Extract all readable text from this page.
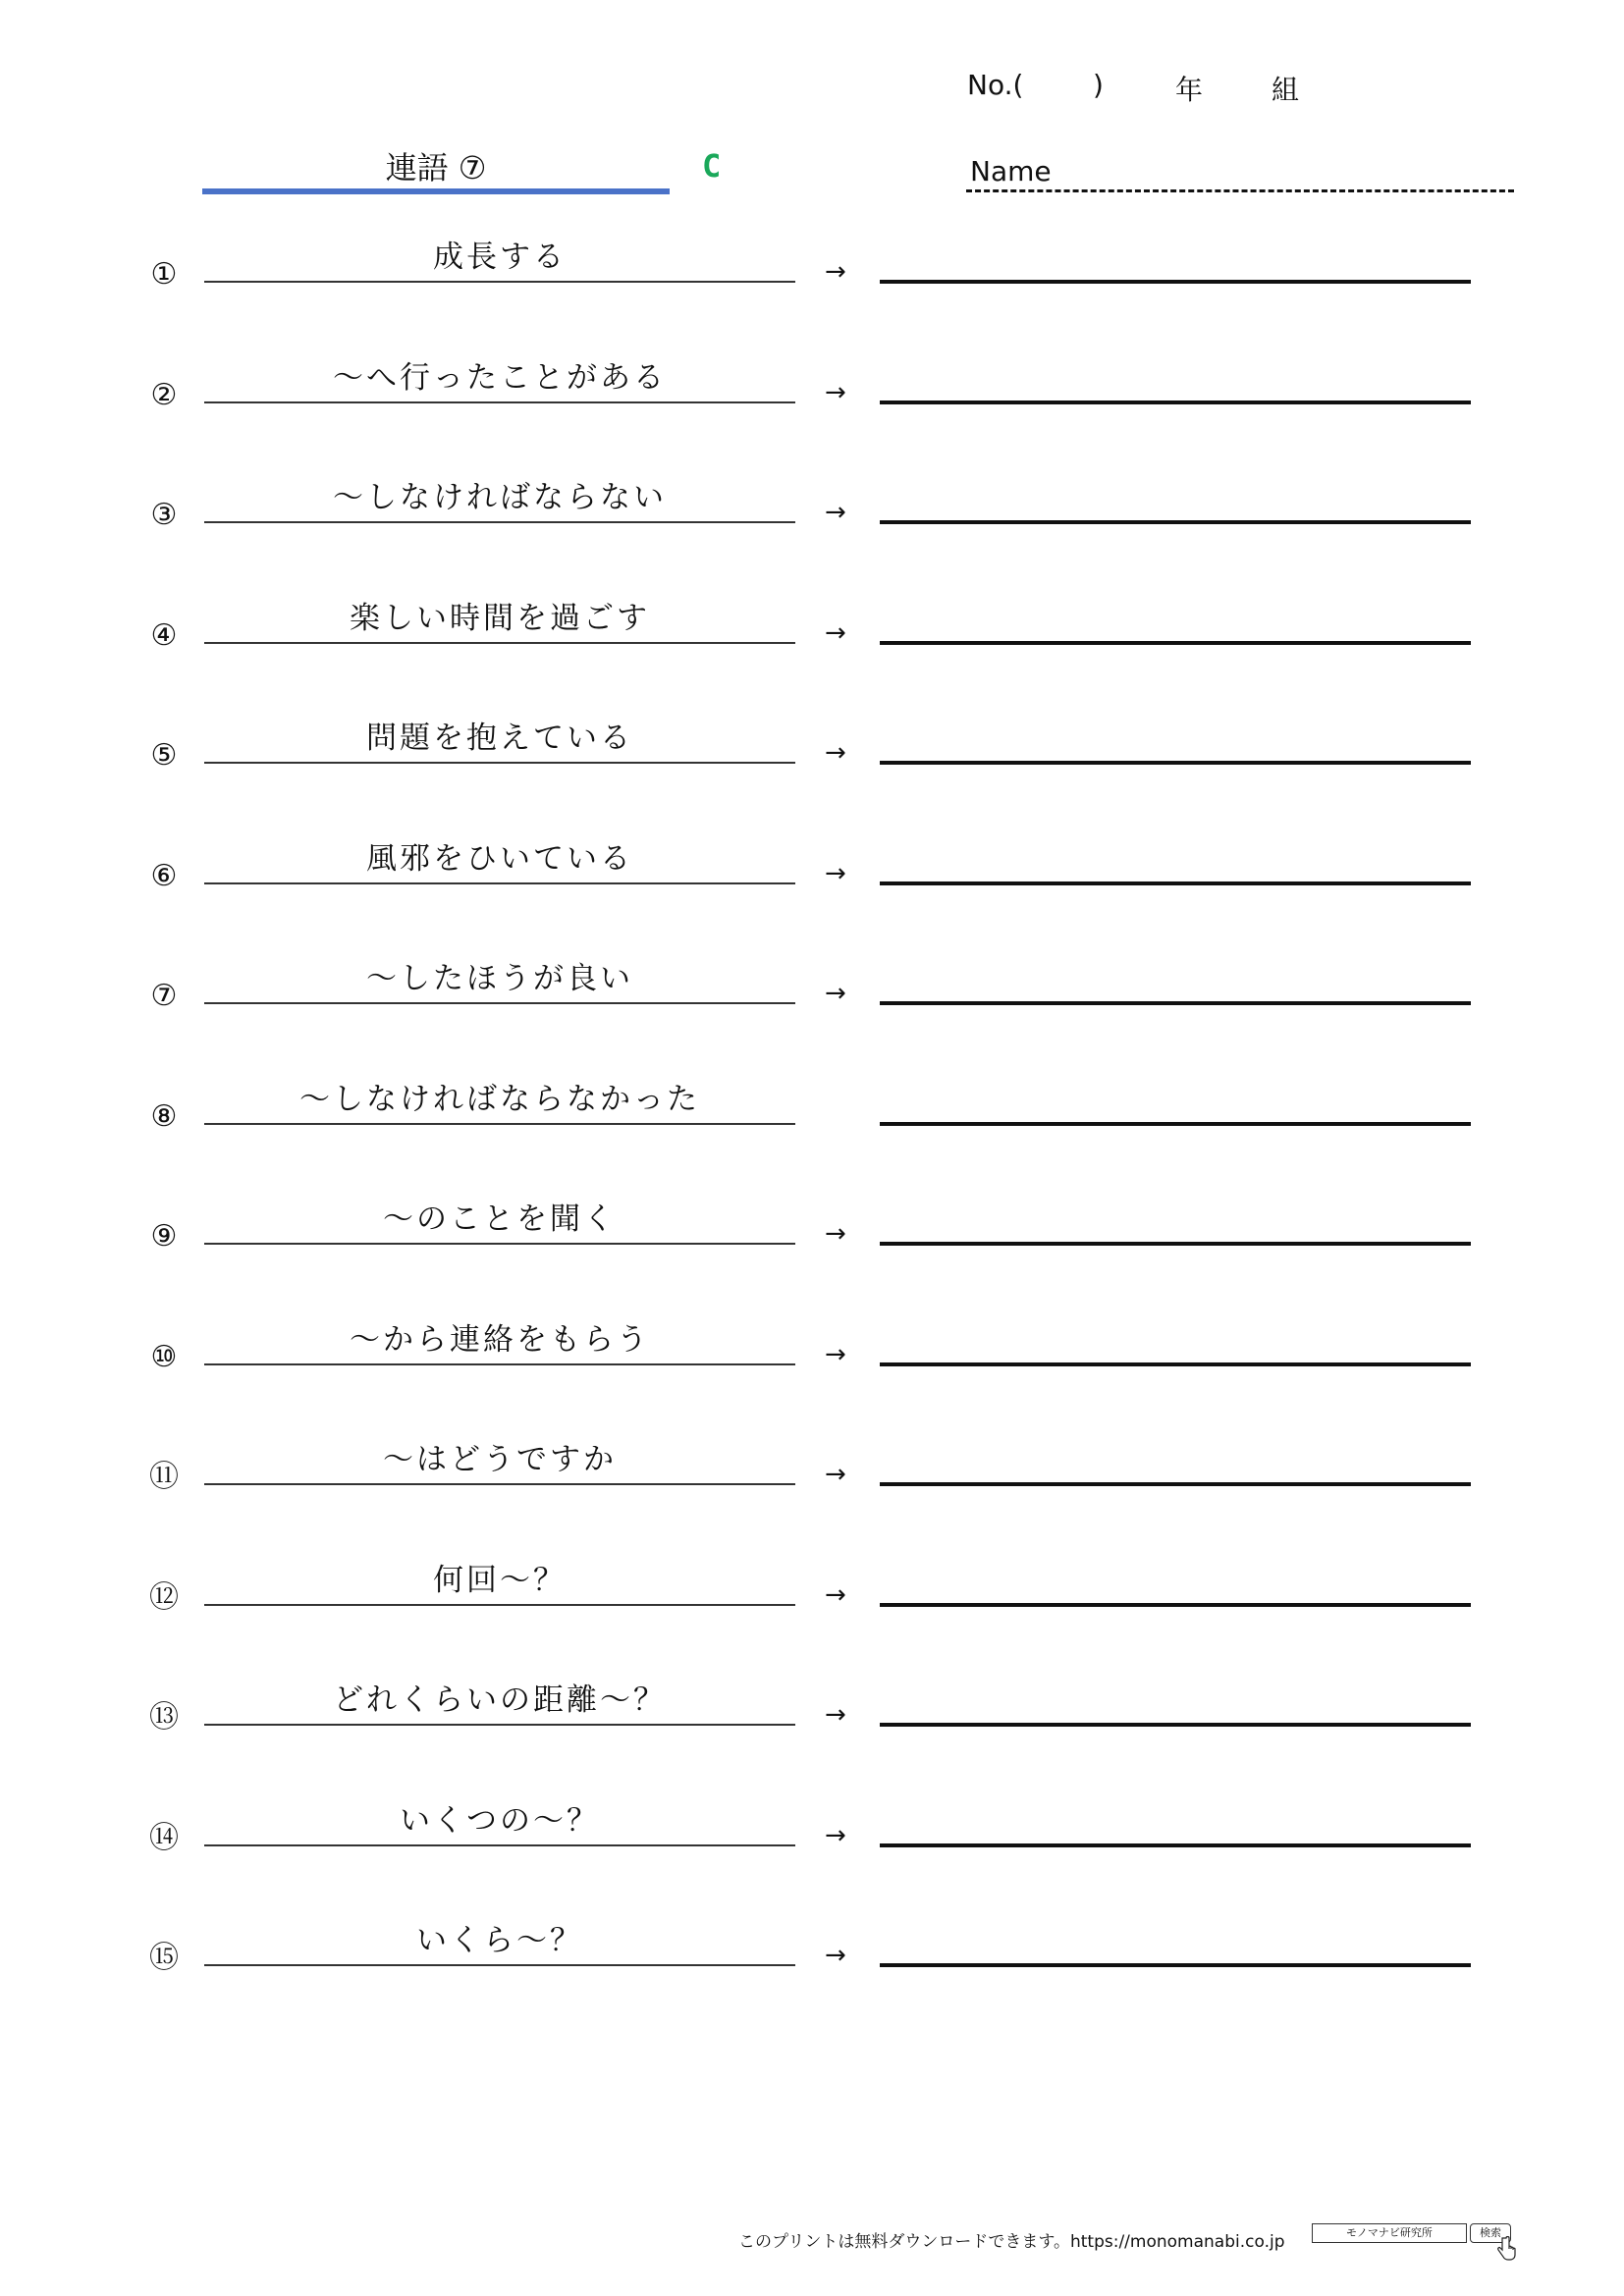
No.(	)	年 組
連語 ⑦	C	Name
①	成長する	→
②	～へ行ったことがある	→
③	～しなければならない	→
④	楽しい時間を過ごす	→
⑤	問題を抱えている	→
⑥	風邪をひいている	→
⑦	～したほうが良い	→
⑧	～しなければならなかった
⑨	～のことを聞く	→
⑩	～から連絡をもらう	→
⑪	～はどうですか	→
⑫	何回～？	→
⑬	どれくらいの距離～？	→
⑭	いくつの～？	→
⑮	いくら～？	→
このプリントは無料ダウンロードできます。https://monomanabi.co.jp	モノマナビ研究所	検索
